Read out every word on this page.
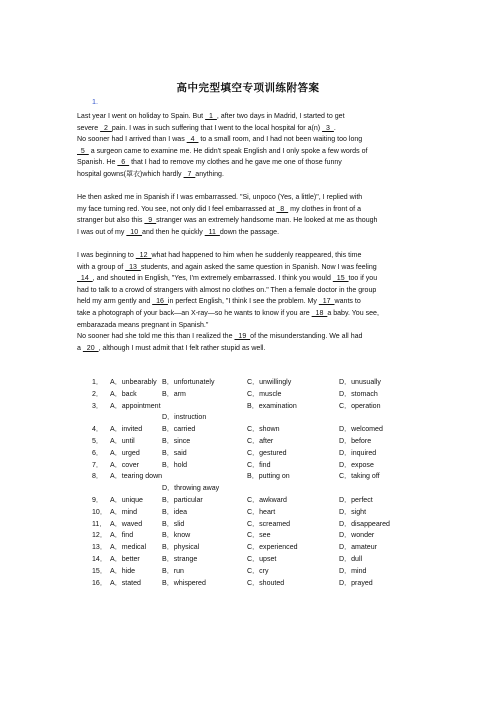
高中完型填空专项训练附答案
1.
Last year I went on holiday to Spain. But   1  , after two days in Madrid, I started to get
severe   2  pain. I was in such suffering that I went to the local hospital for a(n)   3  .
No sooner had I arrived than I was   4   to a small room, and I had not been waiting too long
5   a surgeon came to examine me. He didn't speak English and I only spoke a few words of
Spanish. He   6   that I had to remove my clothes and he gave me one of those funny
hospital gowns(罩衣)which hardly   7  anything.
He then asked me in Spanish if I was embarrassed. "Si, unpoco (Yes, a little)", I replied with
my face turning red. You see, not only did I feel embarrassed at   8   my clothes in front of a
stranger but also this   9  stranger was an extremely handsome man. He looked at me as though
I was out of my   10  and then he quickly   11  down the passage.
I was beginning to   12  what had happened to him when he suddenly reappeared, this time
with a group of   13  students, and again asked the same question in Spanish. Now I was feeling
14  , and shouted in English, "Yes, I'm extremely embarrassed. I think you would   15  too if you
had to talk to a crowd of strangers with almost no clothes on." Then a female doctor in the group
held my arm gently and   16  in perfect English, "I think I see the problem. My   17  wants to
take a photograph of your back—an X-ray—so he wants to know if you are   18  a baby. You see,
embarazada means pregnant in Spanish."
No sooner had she told me this than I realized the   19  of the misunderstanding. We all had
a   20  , although I must admit that I felt rather stupid as well.
1． A．unbearably B．unfortunately	C．unwillingly	D．unusually
2． A．back	B．arm	C．muscle	D．stomach
3． A．appointment	B．examination	C．operation
D．instruction
4． A．invited	B．carried	C．shown	D．welcomed
5． A．until	B．since	C．after	D．before
6． A．urged	B．said	C．gestured	D．inquired
7． A．cover	B．hold	C．find	D．expose
8． A．tearing down	B．putting on	C．taking off
D．throwing away
9． A．unique	B．particular	C．awkward	D．perfect
10． A．mind	B．idea	C．heart	D．sight
11． A．waved	B．slid	C．screamed	D．disappeared
12． A．find	B．know	C．see	D．wonder
13． A．medical B．physical	C．experienced	D．amateur
14． A．better	B．strange	C．upset	D．dull
15． A．hide	B．run	C．cry	D．mind
16． A．stated	B．whispered	C．shouted	D．prayed
